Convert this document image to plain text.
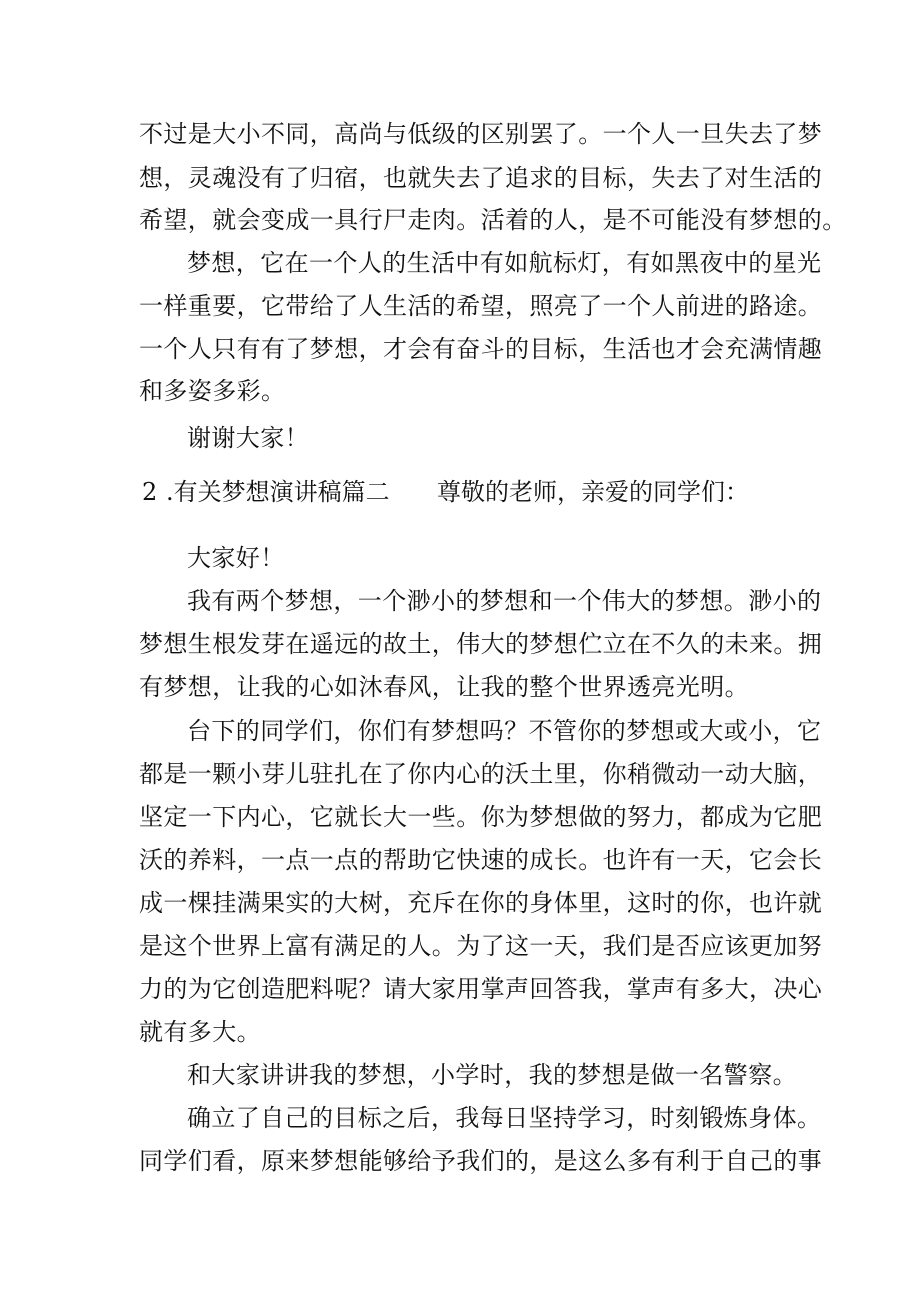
不过是大小不同，高尚与低级的区别罢了。一个人一旦失去了梦
想，灵魂没有了归宿，也就失去了追求的目标，失去了对生活的
希望，就会变成一具行尸走肉。活着的人，是不可能没有梦想的。
梦想，它在一个人的生活中有如航标灯，有如黑夜中的星光
一样重要，它带给了人生活的希望，照亮了一个人前进的路途。
一个人只有有了梦想，才会有奋斗的目标，生活也才会充满情趣
和多姿多彩。
谢谢大家！
2 .有关梦想演讲稿篇二 尊敬的老师，亲爱的同学们：
大家好！
我有两个梦想，一个渺小的梦想和一个伟大的梦想。渺小的
梦想生根发芽在遥远的故土，伟大的梦想伫立在不久的未来。拥
有梦想，让我的心如沐春风，让我的整个世界透亮光明。
台下的同学们，你们有梦想吗？不管你的梦想或大或小，它
都是一颗小芽儿驻扎在了你内心的沃土里，你稍微动一动大脑，
坚定一下内心，它就长大一些。你为梦想做的努力，都成为它肥
沃的养料，一点一点的帮助它快速的成长。也许有一天，它会长
成一棵挂满果实的大树，充斥在你的身体里，这时的你，也许就
是这个世界上富有满足的人。为了这一天，我们是否应该更加努
力的为它创造肥料呢？请大家用掌声回答我，掌声有多大，决心
就有多大。
和大家讲讲我的梦想，小学时，我的梦想是做一名警察。
确立了自己的目标之后，我每日坚持学习，时刻锻炼身体。
同学们看，原来梦想能够给予我们的，是这么多有利于自己的事
